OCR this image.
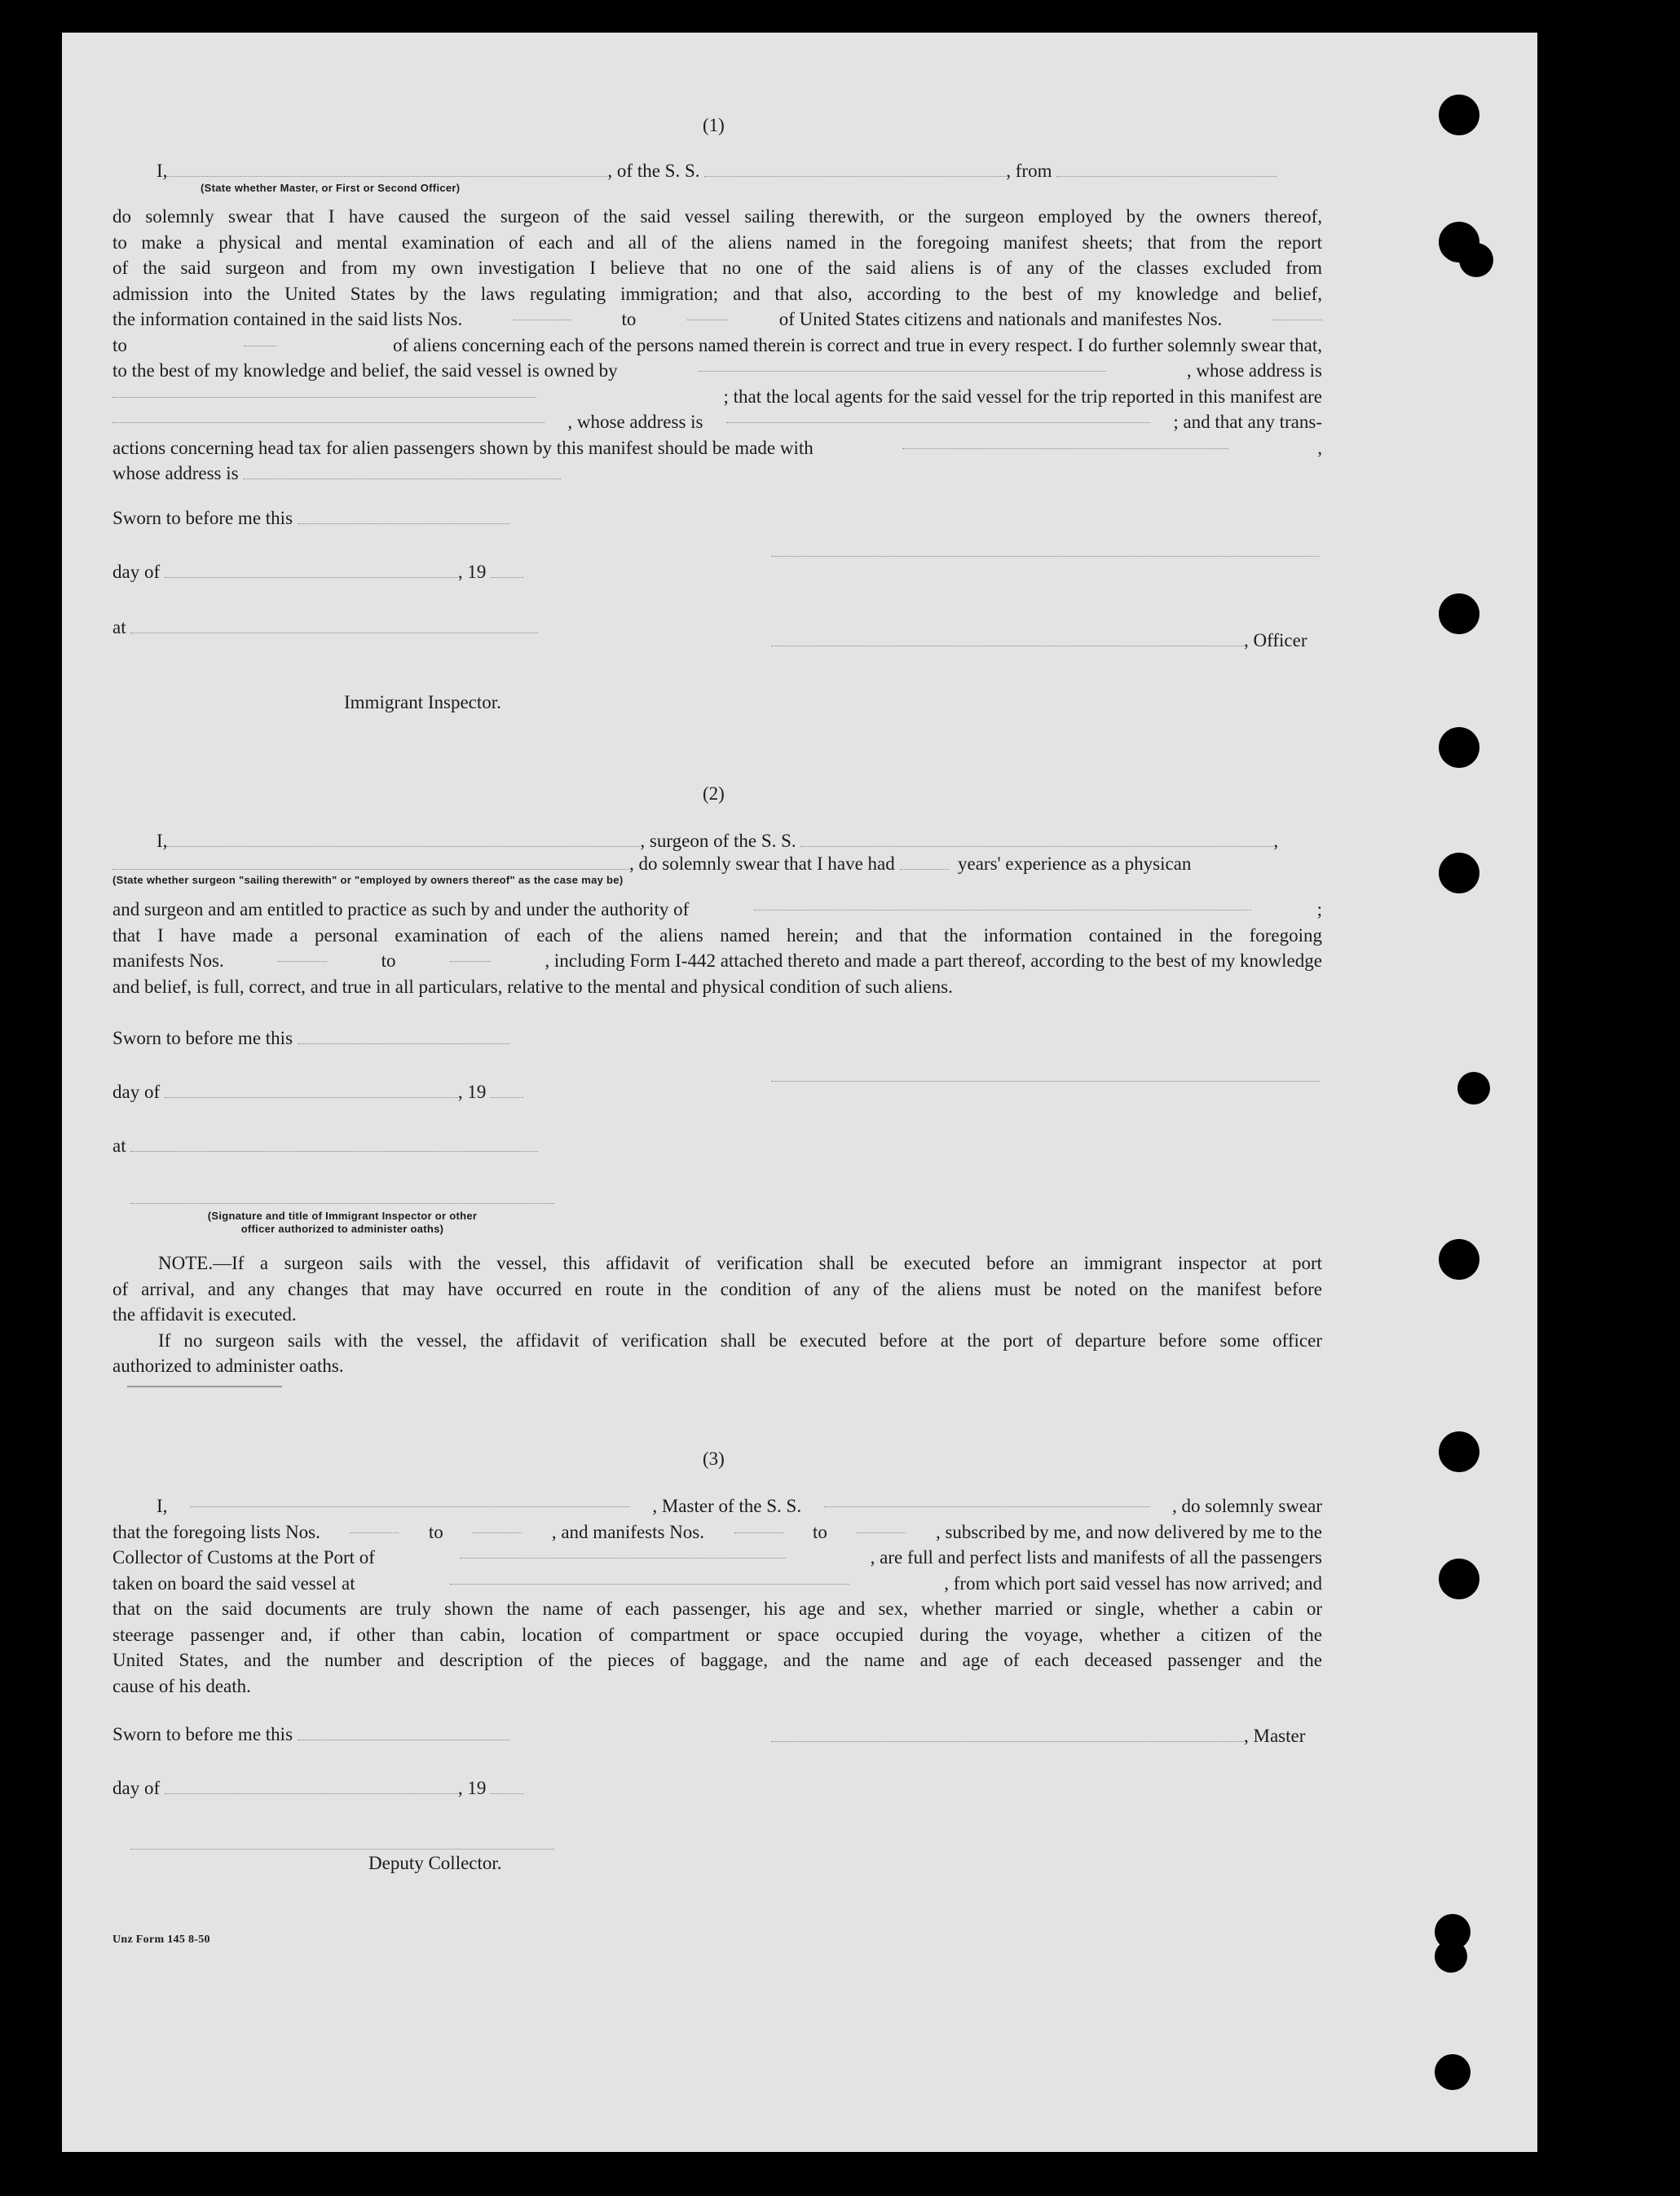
(1)
I,	, of the S. S.	, from
(State whether Master, or First or Second Officer)
do solemnly swear that I have caused the surgeon of the said vessel sailing therewith, or the surgeon employed by the owners thereof,
to make a physical and mental examination of each and all of the aliens named in the foregoing manifest sheets; that from the report
of the said surgeon and from my own investigation I believe that no one of the said aliens is of any of the classes excluded from
admission into the United States by the laws regulating immigration; and that also, according to the best of my knowledge and belief,
the information contained in the said lists Nos.	to	of United States citizens and nationals and manifestes Nos.
to	of aliens concerning each of the persons named therein is correct and true in every respect. I do further solemnly swear that,
to the best of my knowledge and belief, the said vessel is owned by	, whose address is
; that the local agents for the said vessel for the trip reported in this manifest are
, whose address is	; and that any trans-
actions concerning head tax for alien passengers shown by this manifest should be made with	,
whose address is
Sworn to before me this
day of	, 19
at
, Officer
Immigrant Inspector.
(2)
I,	, surgeon of the S. S.	,
, do solemnly swear that I have had	years' experience as a physican
(State whether surgeon "sailing therewith" or "employed by owners thereof" as the case may be)
and surgeon and am entitled to practice as such by and under the authority of	;
that I have made a personal examination of each of the aliens named herein; and that the information contained in the foregoing
manifests Nos.	to	, including Form I-442 attached thereto and made a part thereof, according to the best of my knowledge
and belief, is full, correct, and true in all particulars, relative to the mental and physical condition of such aliens.
Sworn to before me this
day of	, 19
at
(Signature and title of Immigrant Inspector or other
officer authorized to administer oaths)
NOTE.—If a surgeon sails with the vessel, this affidavit of verification shall be executed before an immigrant inspector at port
of arrival, and any changes that may have occurred en route in the condition of any of the aliens must be noted on the manifest before
the affidavit is executed.
If no surgeon sails with the vessel, the affidavit of verification shall be executed before at the port of departure before some officer
authorized to administer oaths.
(3)
I,	, Master of the S. S.	, do solemnly swear
that the foregoing lists Nos.	to	, and manifests Nos.	to	, subscribed by me, and now delivered by me to the
Collector of Customs at the Port of	, are full and perfect lists and manifests of all the passengers
taken on board the said vessel at	, from which port said vessel has now arrived; and
that on the said documents are truly shown the name of each passenger, his age and sex, whether married or single, whether a cabin or
steerage passenger and, if other than cabin, location of compartment or space occupied during the voyage, whether a citizen of the
United States, and the number and description of the pieces of baggage, and the name and age of each deceased passenger and the
cause of his death.
Sworn to before me this	, Master
day of	, 19
Deputy Collector.
Unz Form 145 8-50
